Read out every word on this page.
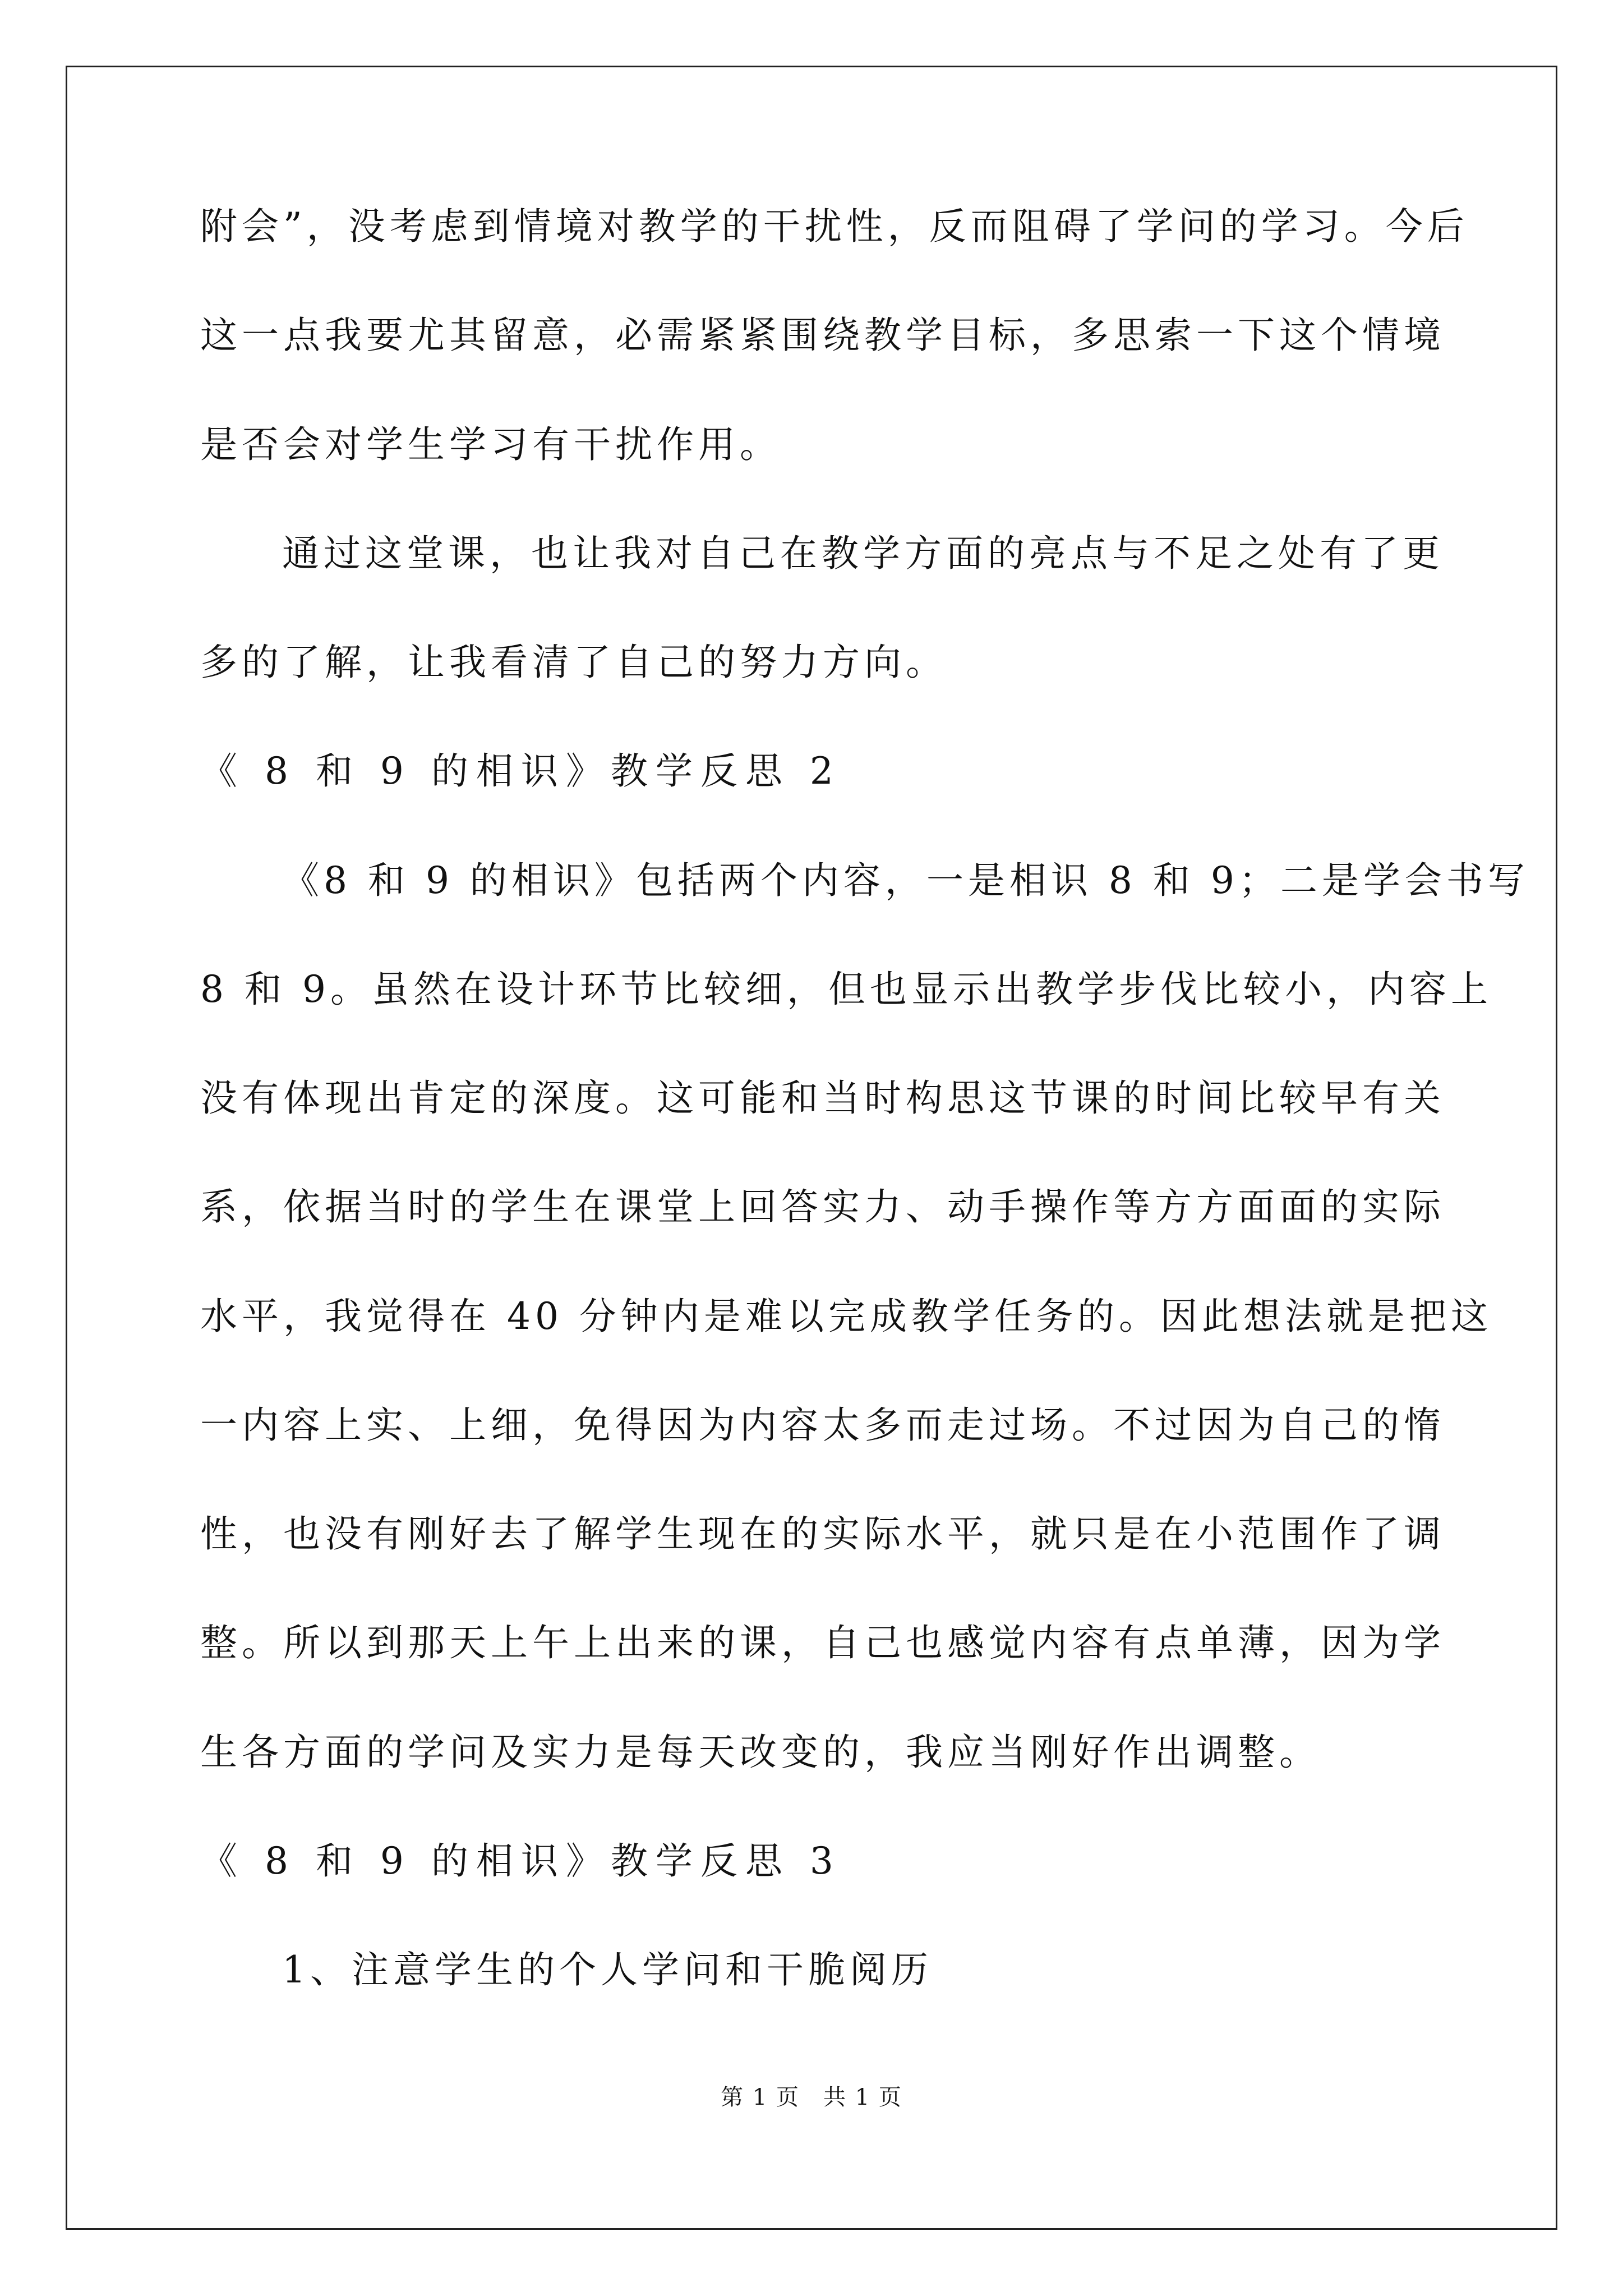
附会”，没考虑到情境对教学的干扰性，反而阻碍了学问的学习。今后
这一点我要尤其留意，必需紧紧围绕教学目标，多思索一下这个情境
是否会对学生学习有干扰作用。
通过这堂课，也让我对自己在教学方面的亮点与不足之处有了更
多的了解，让我看清了自己的努力方向。
《 8 和 9 的相识》教学反思 2
《8 和 9 的相识》包括两个内容，一是相识 8 和 9；二是学会书写
8 和 9。虽然在设计环节比较细，但也显示出教学步伐比较小，内容上
没有体现出肯定的深度。这可能和当时构思这节课的时间比较早有关
系，依据当时的学生在课堂上回答实力、动手操作等方方面面的实际
水平，我觉得在 40 分钟内是难以完成教学任务的。因此想法就是把这
一内容上实、上细，免得因为内容太多而走过场。不过因为自己的惰
性，也没有刚好去了解学生现在的实际水平，就只是在小范围作了调
整。所以到那天上午上出来的课，自己也感觉内容有点单薄，因为学
生各方面的学问及实力是每天改变的，我应当刚好作出调整。
《 8 和 9 的相识》教学反思 3
1、注意学生的个人学问和干脆阅历
第 1 页　共 1 页
